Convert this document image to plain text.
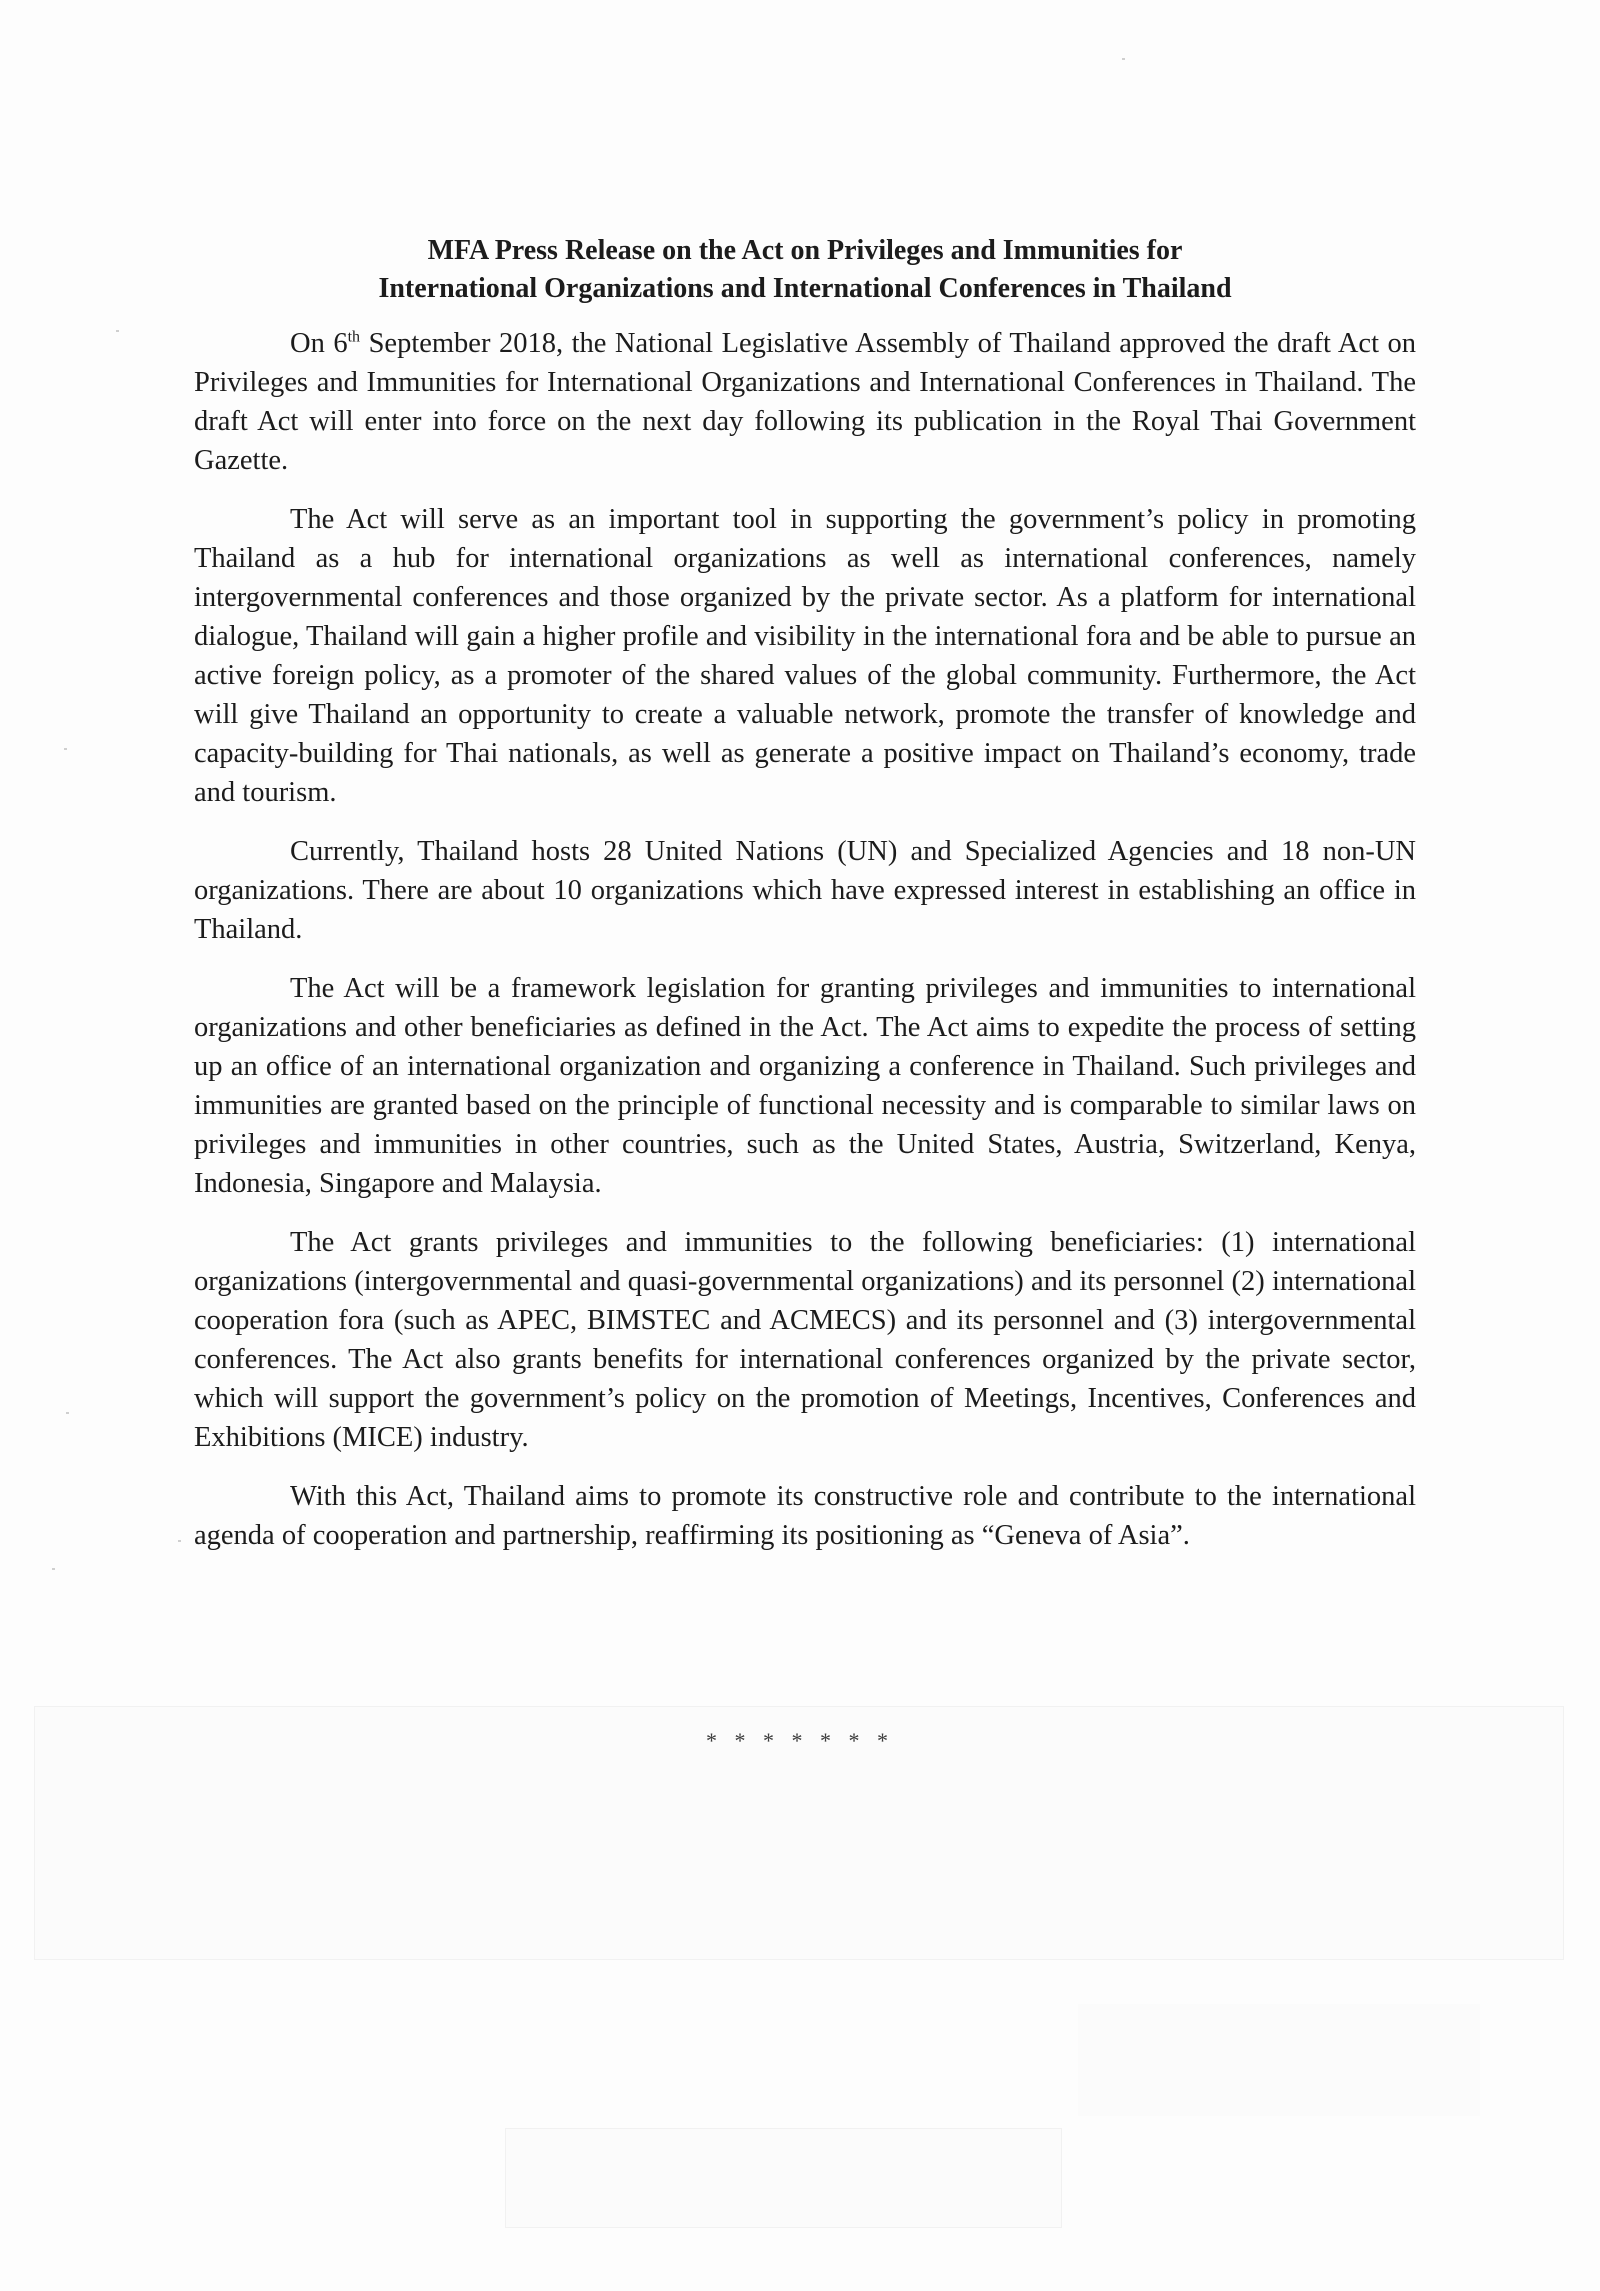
MFA Press Release on the Act on Privileges and Immunities for
International Organizations and International Conferences in Thailand

On 6th September 2018, the National Legislative Assembly of Thailand approved the draft Act on Privileges and Immunities for International Organizations and International Conferences in Thailand. The draft Act will enter into force on the next day following its publication in the Royal Thai Government Gazette.

The Act will serve as an important tool in supporting the government’s policy in promoting Thailand as a hub for international organizations as well as international conferences, namely intergovernmental conferences and those organized by the private sector. As a platform for international dialogue, Thailand will gain a higher profile and visibility in the international fora and be able to pursue an active foreign policy, as a promoter of the shared values of the global community. Furthermore, the Act will give Thailand an opportunity to create a valuable network, promote the transfer of knowledge and capacity-building for Thai nationals, as well as generate a positive impact on Thailand’s economy, trade and tourism.

Currently, Thailand hosts 28 United Nations (UN) and Specialized Agencies and 18 non-UN organizations. There are about 10 organizations which have expressed interest in establishing an office in Thailand.

The Act will be a framework legislation for granting privileges and immunities to international organizations and other beneficiaries as defined in the Act. The Act aims to expedite the process of setting up an office of an international organization and organizing a conference in Thailand. Such privileges and immunities are granted based on the principle of functional necessity and is comparable to similar laws on privileges and immunities in other countries, such as the United States, Austria, Switzerland, Kenya, Indonesia, Singapore and Malaysia.

The Act grants privileges and immunities to the following beneficiaries: (1) international organizations (intergovernmental and quasi-governmental organizations) and its personnel (2) international cooperation fora (such as APEC, BIMSTEC and ACMECS) and its personnel and (3) intergovernmental conferences. The Act also grants benefits for international conferences organized by the private sector, which will support the government’s policy on the promotion of Meetings, Incentives, Conferences and Exhibitions (MICE) industry.

With this Act, Thailand aims to promote its constructive role and contribute to the international agenda of cooperation and partnership, reaffirming its positioning as “Geneva of Asia”.

* * * * * * *
